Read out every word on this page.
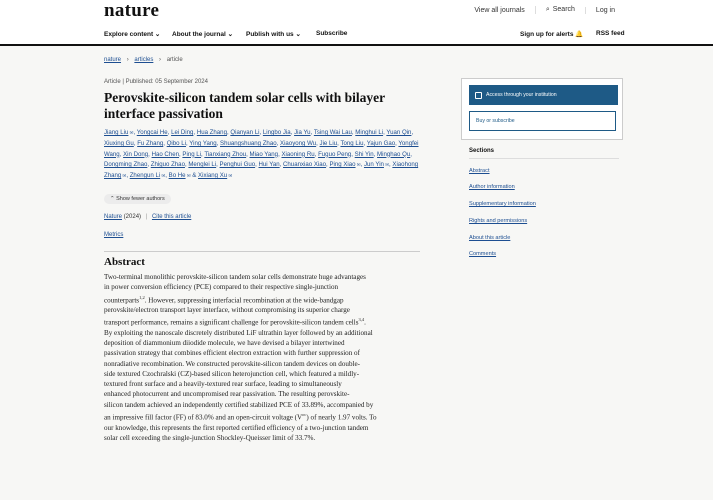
nature	View all journals	⌕ Search	Log in
Explore content ⌄ About the journal ⌄ Publish with us ⌄ Subscribe	Sign up for alerts 🔔 RSS feed
nature › articles › article
Article | Published: 05 September 2024
Perovskite-silicon tandem solar cells with bilayer interface passivation
Jiang Liu ✉, Yongcai He, Lei Ding, Hua Zhang, Qianyan Li, Lingbo Jia, Jia Yu, Tsing Wai Lau, Minghui Li, Yuan Qin, Xiuxing Gu, Fu Zhang, Qibo Li, Ying Yang, Shuangshuang Zhao, Xiaoyong Wu, Jie Liu, Tong Liu, Yajun Gao, Yongfei Wang, Xin Dong, Hao Chen, Ping Li, Tianxiang Zhou, Miao Yang, Xiaoning Ru, Fuguo Peng, Shi Yin, Minghao Qu, Dongming Zhao, Zhiguo Zhao, Menglei Li, Penghui Guo, Hui Yan, Chuanxiao Xiao, Ping Xiao ✉, Jun Yin ✉, Xiaohong Zhang ✉, Zhengun Li ✉, Bo He ✉ & Xixiang Xu ✉
⌃ Show fewer authors
Nature (2024) | Cite this article
Metrics
Abstract
Two-terminal monolithic perovskite-silicon tandem solar cells demonstrate huge advantages
in power conversion efficiency (PCE) compared to their respective single-junction
counterparts$^{1,2}$. However, suppressing interfacial recombination at the wide-bandgap
perovskite/electron transport layer interface, without compromising its superior charge
transport performance, remains a significant challenge for perovskite-silicon tandem cells$^{3,4}$.
By exploiting the nanoscale discretely distributed LiF ultrathin layer followed by an additional
deposition of diammonium diiodide molecule, we have devised a bilayer intertwined
passivation strategy that combines efficient electron extraction with further suppression of
nonradiative recombination. We constructed perovskite-silicon tandem devices on double-
side textured Czochralski (CZ)-based silicon heterojunction cell, which featured a mildly-
textured front surface and a heavily-textured rear surface, leading to simultaneously
enhanced photocurrent and uncompromised rear passivation. The resulting perovskite-
silicon tandem achieved an independently certified stabilized PCE of 33.89%, accompanied by
an impressive fill factor (FF) of 83.0% and an open-circuit voltage $(V^{oc})$ of nearly 1.97 volts. To
our knowledge, this represents the first reported certified efficiency of a two-junction tandem
solar cell exceeding the single-junction Shockley-Queisser limit of 33.7%.
Access through your institution
Buy or subscribe
Sections
Abstract
Author information
Supplementary information
Rights and permissions
About this article
Comments
